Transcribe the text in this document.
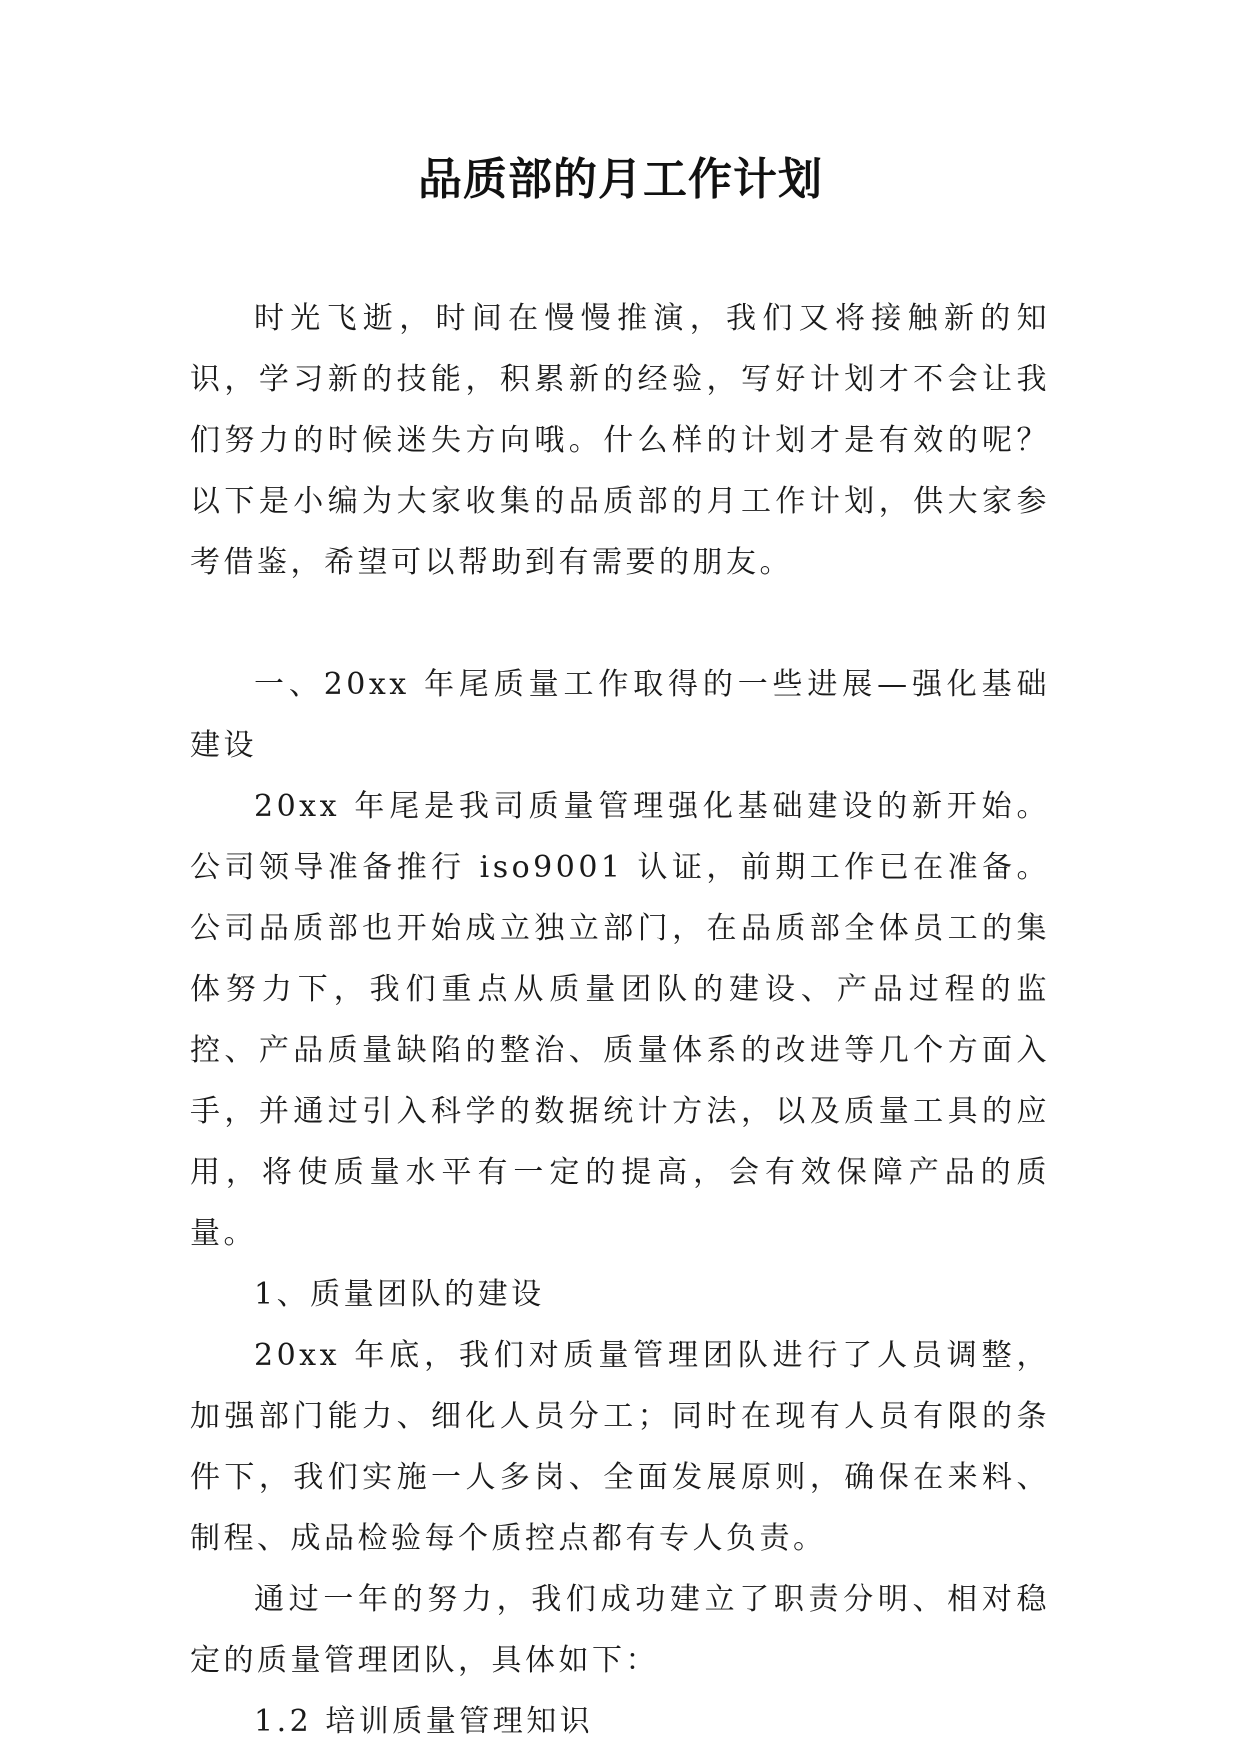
品质部的月工作计划

时光飞逝，时间在慢慢推演，我们又将接触新的知识，学习新的技能，积累新的经验，写好计划才不会让我们努力的时候迷失方向哦。什么样的计划才是有效的呢？以下是小编为大家收集的品质部的月工作计划，供大家参考借鉴，希望可以帮助到有需要的朋友。

一、20xx 年尾质量工作取得的一些进展—强化基础建设

20xx 年尾是我司质量管理强化基础建设的新开始。公司领导准备推行 iso9001 认证，前期工作已在准备。公司品质部也开始成立独立部门，在品质部全体员工的集体努力下，我们重点从质量团队的建设、产品过程的监控、产品质量缺陷的整治、质量体系的改进等几个方面入手，并通过引入科学的数据统计方法，以及质量工具的应用，将使质量水平有一定的提高，会有效保障产品的质量。

1、质量团队的建设

20xx 年底，我们对质量管理团队进行了人员调整，加强部门能力、细化人员分工；同时在现有人员有限的条件下，我们实施一人多岗、全面发展原则，确保在来料、制程、成品检验每个质控点都有专人负责。

通过一年的努力，我们成功建立了职责分明、相对稳定的质量管理团队，具体如下：

1.2 培训质量管理知识
